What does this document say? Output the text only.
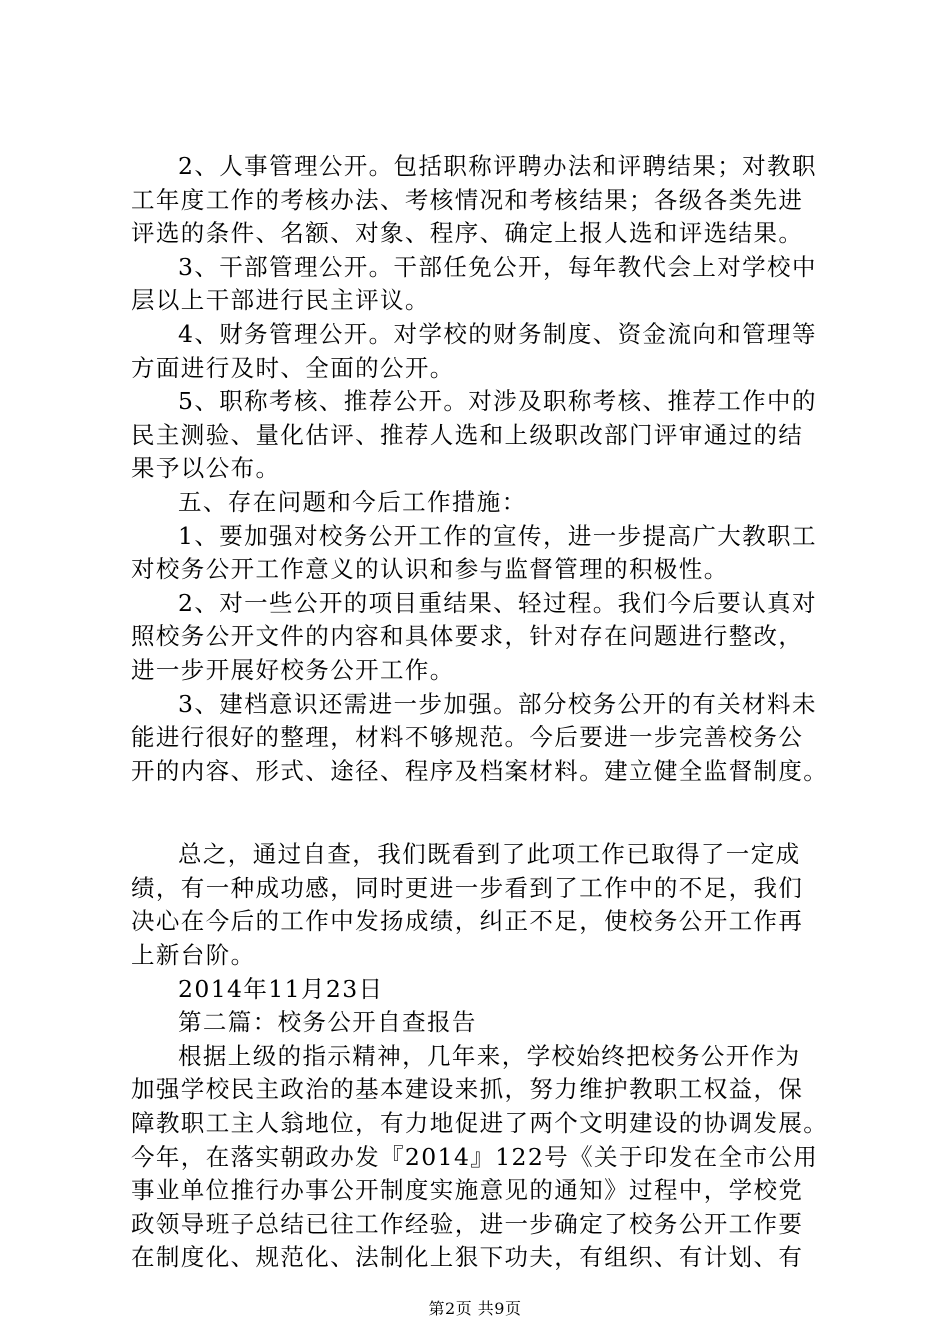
2、人事管理公开。包括职称评聘办法和评聘结果；对教职
工年度工作的考核办法、考核情况和考核结果；各级各类先进
评选的条件、名额、对象、程序、确定上报人选和评选结果。
3、干部管理公开。干部任免公开，每年教代会上对学校中
层以上干部进行民主评议。
4、财务管理公开。对学校的财务制度、资金流向和管理等
方面进行及时、全面的公开。
5、职称考核、推荐公开。对涉及职称考核、推荐工作中的
民主测验、量化估评、推荐人选和上级职改部门评审通过的结
果予以公布。
五、存在问题和今后工作措施：
1、要加强对校务公开工作的宣传，进一步提高广大教职工
对校务公开工作意义的认识和参与监督管理的积极性。
2、对一些公开的项目重结果、轻过程。我们今后要认真对
照校务公开文件的内容和具体要求，针对存在问题进行整改，
进一步开展好校务公开工作。
3、建档意识还需进一步加强。部分校务公开的有关材料未
能进行很好的整理，材料不够规范。今后要进一步完善校务公
开的内容、形式、途径、程序及档案材料。建立健全监督制度。
总之，通过自查，我们既看到了此项工作已取得了一定成
绩，有一种成功感，同时更进一步看到了工作中的不足，我们
决心在今后的工作中发扬成绩，纠正不足，使校务公开工作再
上新台阶。
2014年11月23日
第二篇：校务公开自查报告
根据上级的指示精神，几年来，学校始终把校务公开作为
加强学校民主政治的基本建设来抓，努力维护教职工权益，保
障教职工主人翁地位，有力地促进了两个文明建设的协调发展。
今年，在落实朝政办发『2014』122号《关于印发在全市公用
事业单位推行办事公开制度实施意见的通知》过程中，学校党
政领导班子总结已往工作经验，进一步确定了校务公开工作要
在制度化、规范化、法制化上狠下功夫，有组织、有计划、有
第2页 共9页
